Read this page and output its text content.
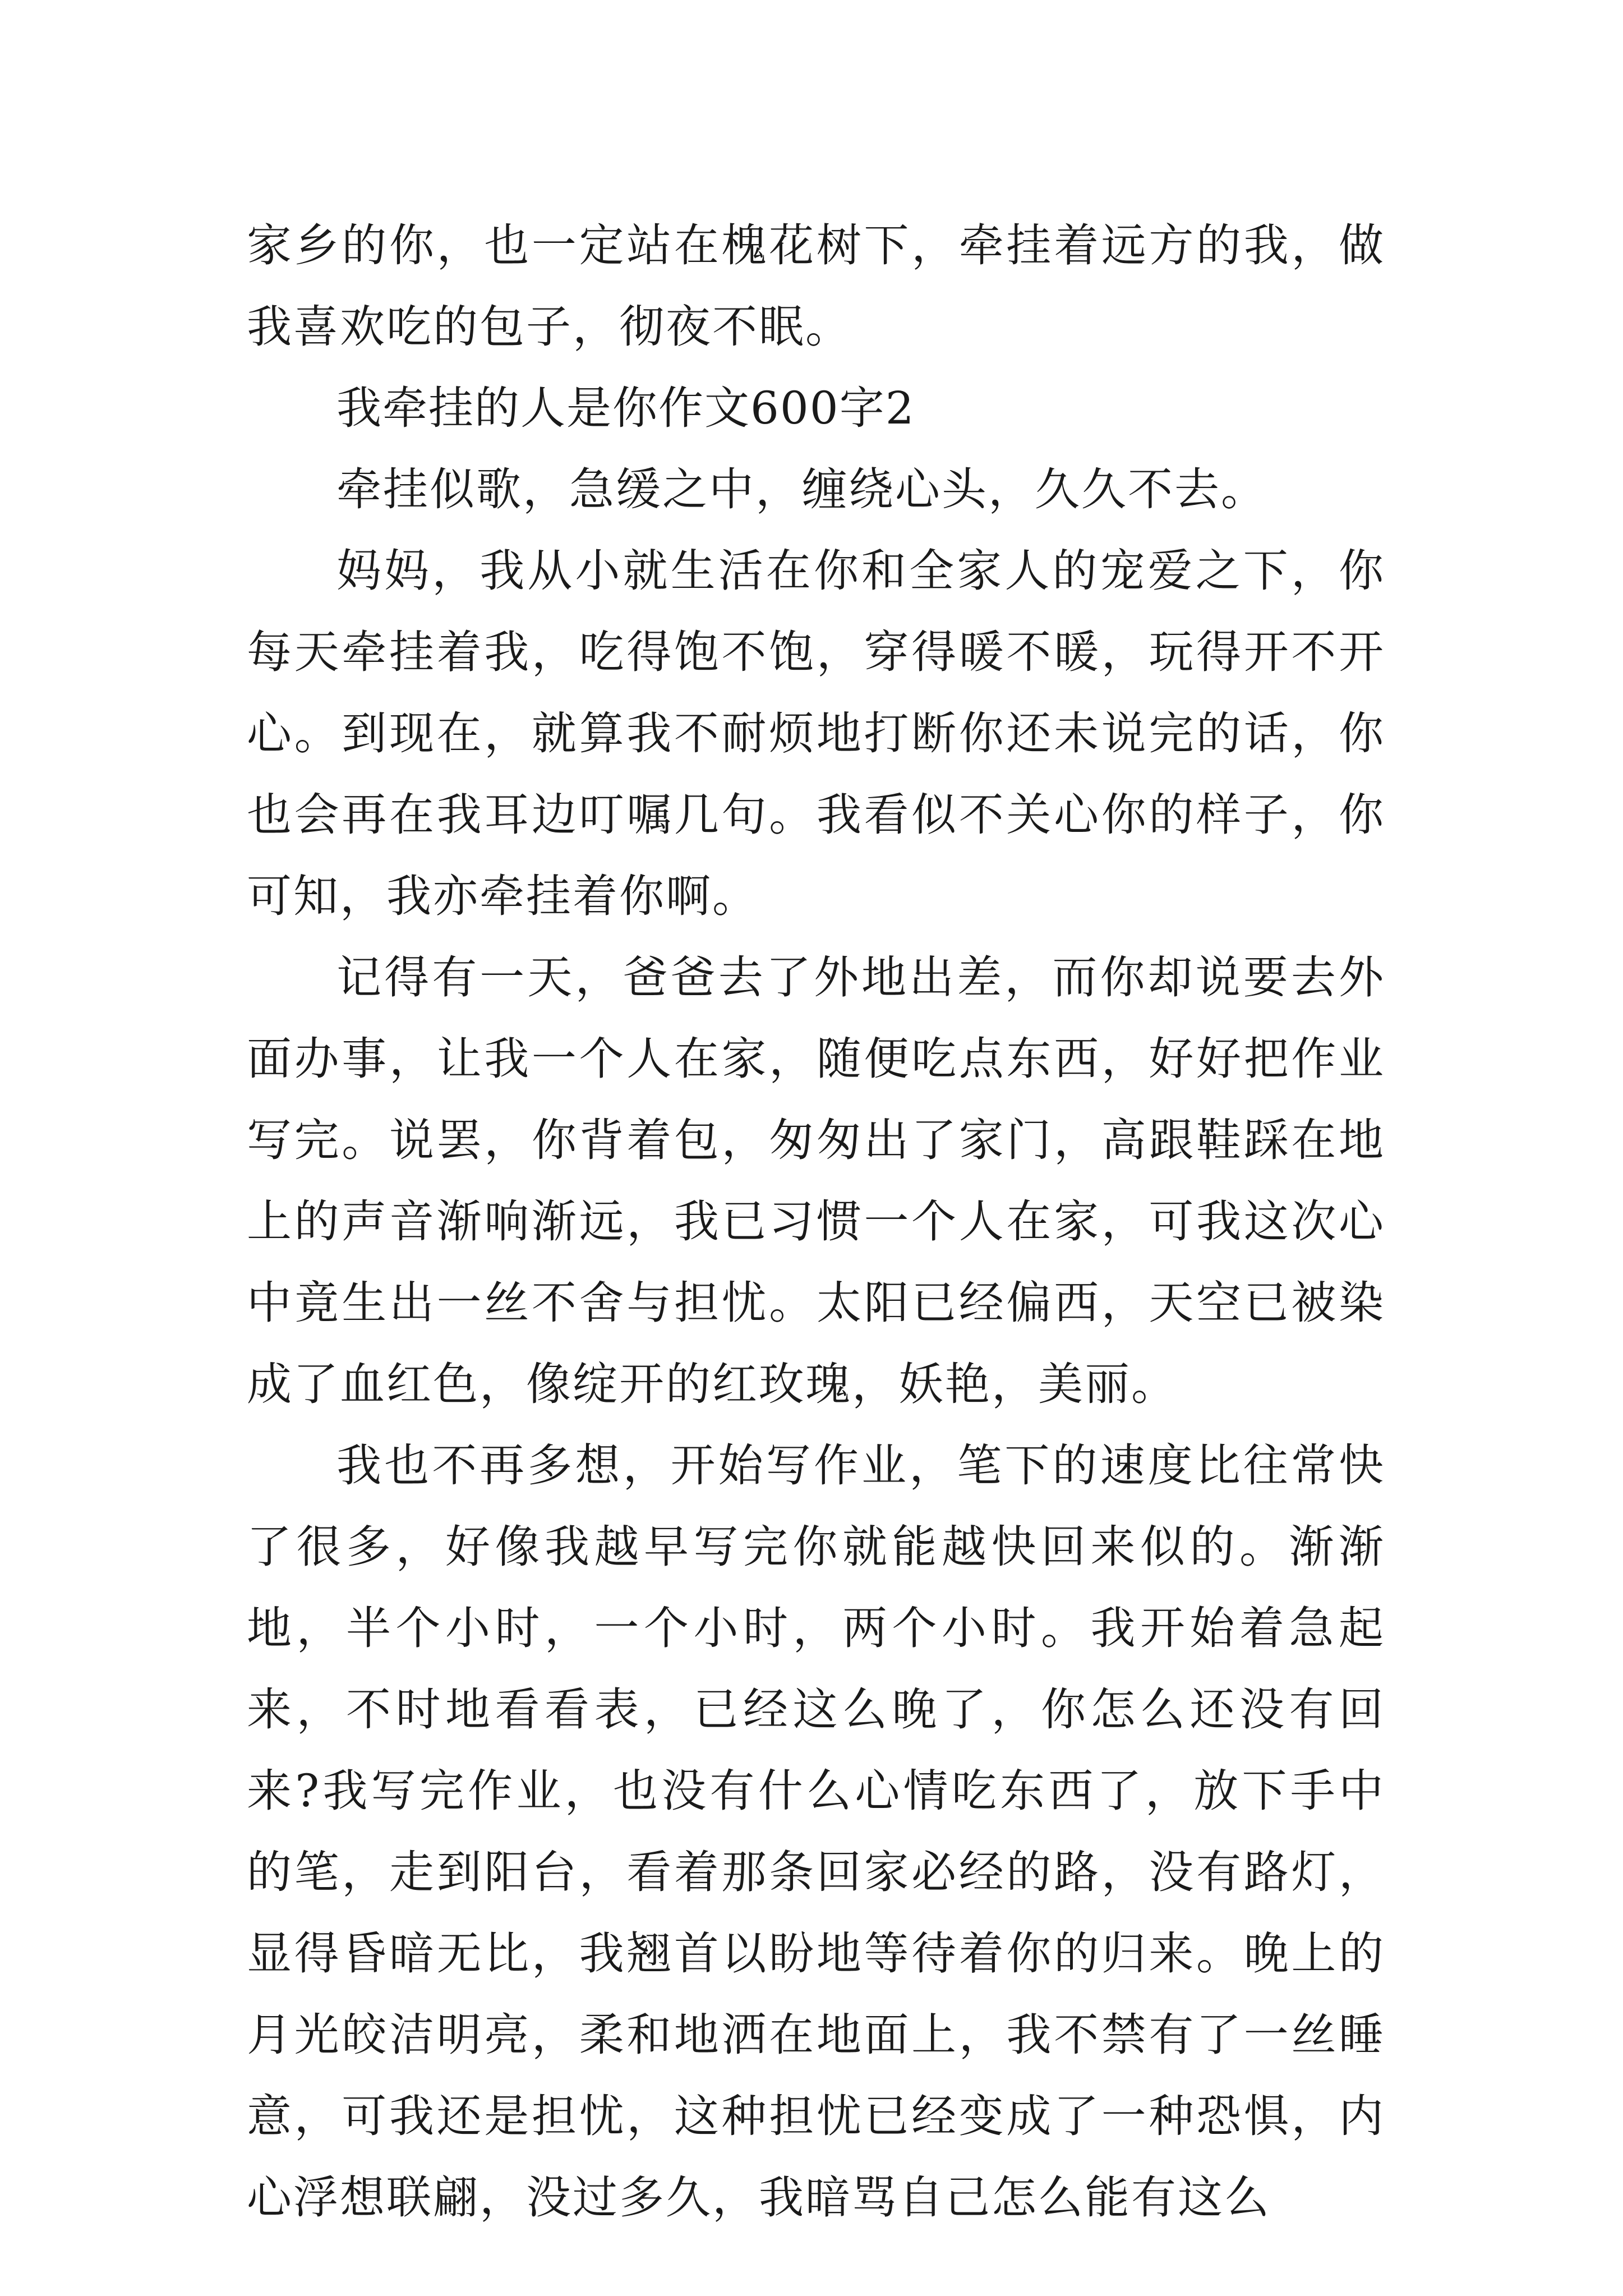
家乡的你，也一定站在槐花树下，牵挂着远方的我，做我喜欢吃的包子，彻夜不眠。

我牵挂的人是你作文600字2

牵挂似歌，急缓之中，缠绕心头，久久不去。

妈妈，我从小就生活在你和全家人的宠爱之下，你每天牵挂着我，吃得饱不饱，穿得暖不暖，玩得开不开心。到现在，就算我不耐烦地打断你还未说完的话，你也会再在我耳边叮嘱几句。我看似不关心你的样子，你可知，我亦牵挂着你啊。

记得有一天，爸爸去了外地出差，而你却说要去外面办事，让我一个人在家，随便吃点东西，好好把作业写完。说罢，你背着包，匆匆出了家门，高跟鞋踩在地上的声音渐响渐远，我已习惯一个人在家，可我这次心中竟生出一丝不舍与担忧。太阳已经偏西，天空已被染成了血红色，像绽开的红玫瑰，妖艳，美丽。

我也不再多想，开始写作业，笔下的速度比往常快了很多，好像我越早写完你就能越快回来似的。渐渐地，半个小时，一个小时，两个小时。我开始着急起来，不时地看看表，已经这么晚了，你怎么还没有回来?我写完作业，也没有什么心情吃东西了，放下手中的笔，走到阳台，看着那条回家必经的路，没有路灯，显得昏暗无比，我翘首以盼地等待着你的归来。晚上的月光皎洁明亮，柔和地洒在地面上，我不禁有了一丝睡意，可我还是担忧，这种担忧已经变成了一种恐惧，内心浮想联翩，没过多久，我暗骂自己怎么能有这么
